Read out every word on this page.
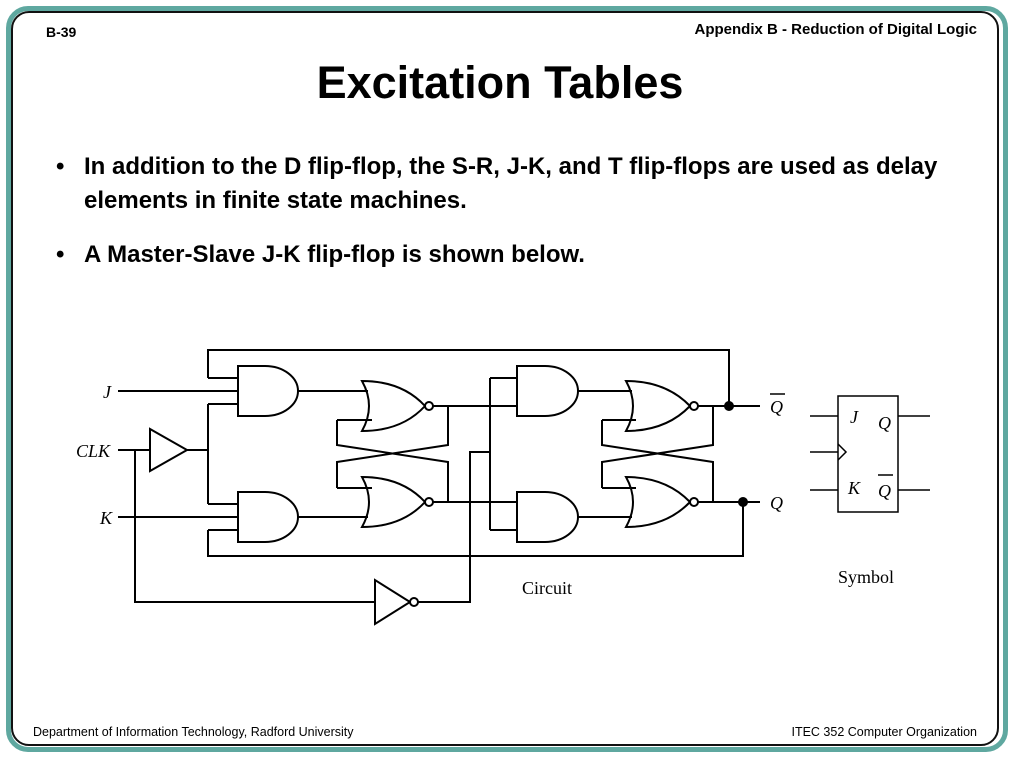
B-39	Appendix B - Reduction of Digital Logic
Excitation Tables
• In addition to the D flip-flop, the S-R, J-K, and T flip-flops are used as delay elements in finite state machines.
• A Master-Slave J-K flip-flop is shown below.
J
CLK
K
Q
Q
Circuit
J Q
K Q
Symbol
Department of Information Technology, Radford University	ITEC 352 Computer Organization
